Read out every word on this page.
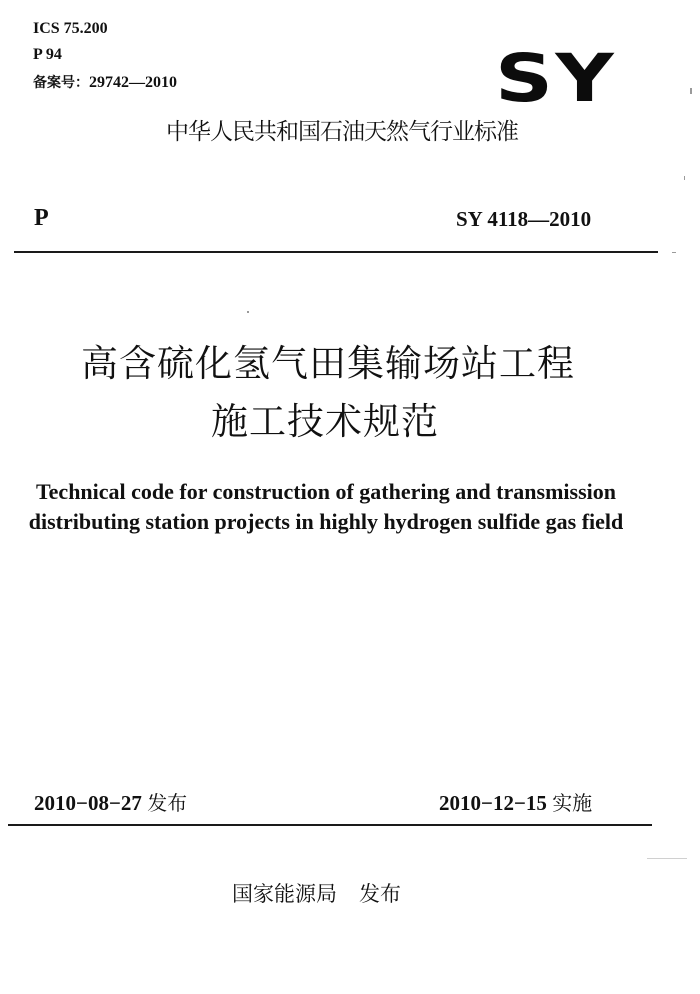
ICS 75.200
P 94
备案号：29742—2010	SY
中华人民共和国石油天然气行业标准
P	SY 4118—2010
高含硫化氢气田集输场站工程
施工技术规范
Technical code for construction of gathering and transmission
distributing station projects in highly hydrogen sulfide gas field
2010−08−27 发布	2010−12−15 实施
国家能源局 发布
